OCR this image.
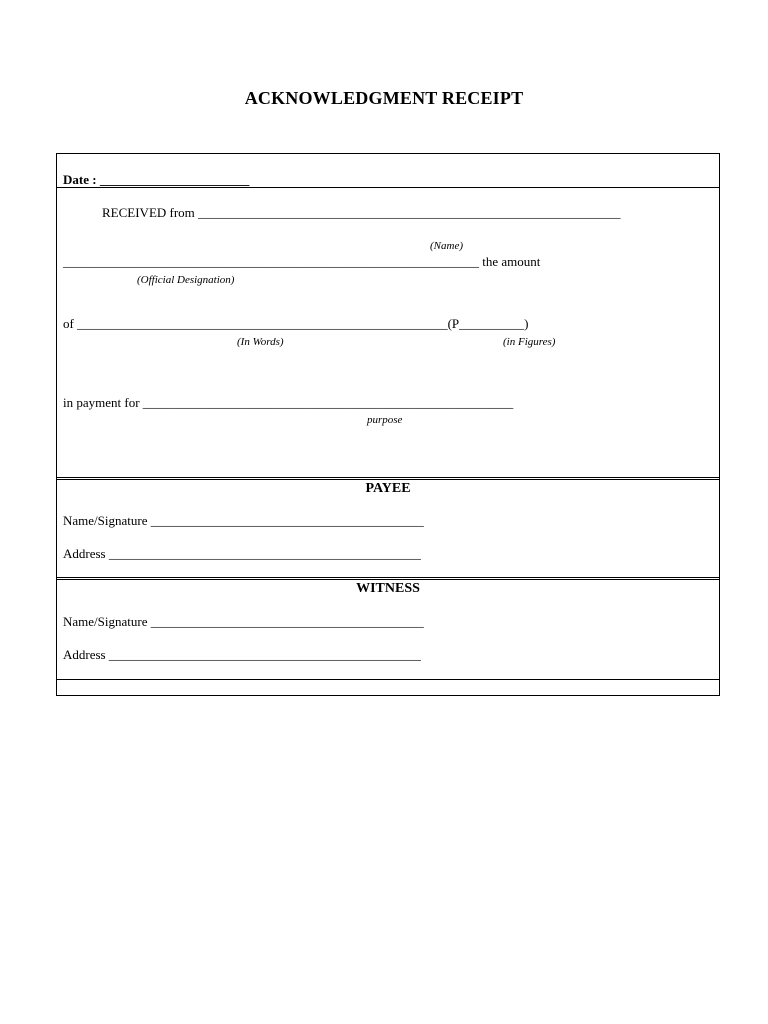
ACKNOWLEDGMENT RECEIPT
Date : _______________________
RECEIVED from _________________________________________________________________
(Name)
________________________________________________________________ the amount
(Official Designation)
of _________________________________________________________(P__________)
(In Words)	(in Figures)
in payment for _________________________________________________________
purpose
PAYEE
Name/Signature __________________________________________
Address ________________________________________________
WITNESS
Name/Signature __________________________________________
Address ________________________________________________
